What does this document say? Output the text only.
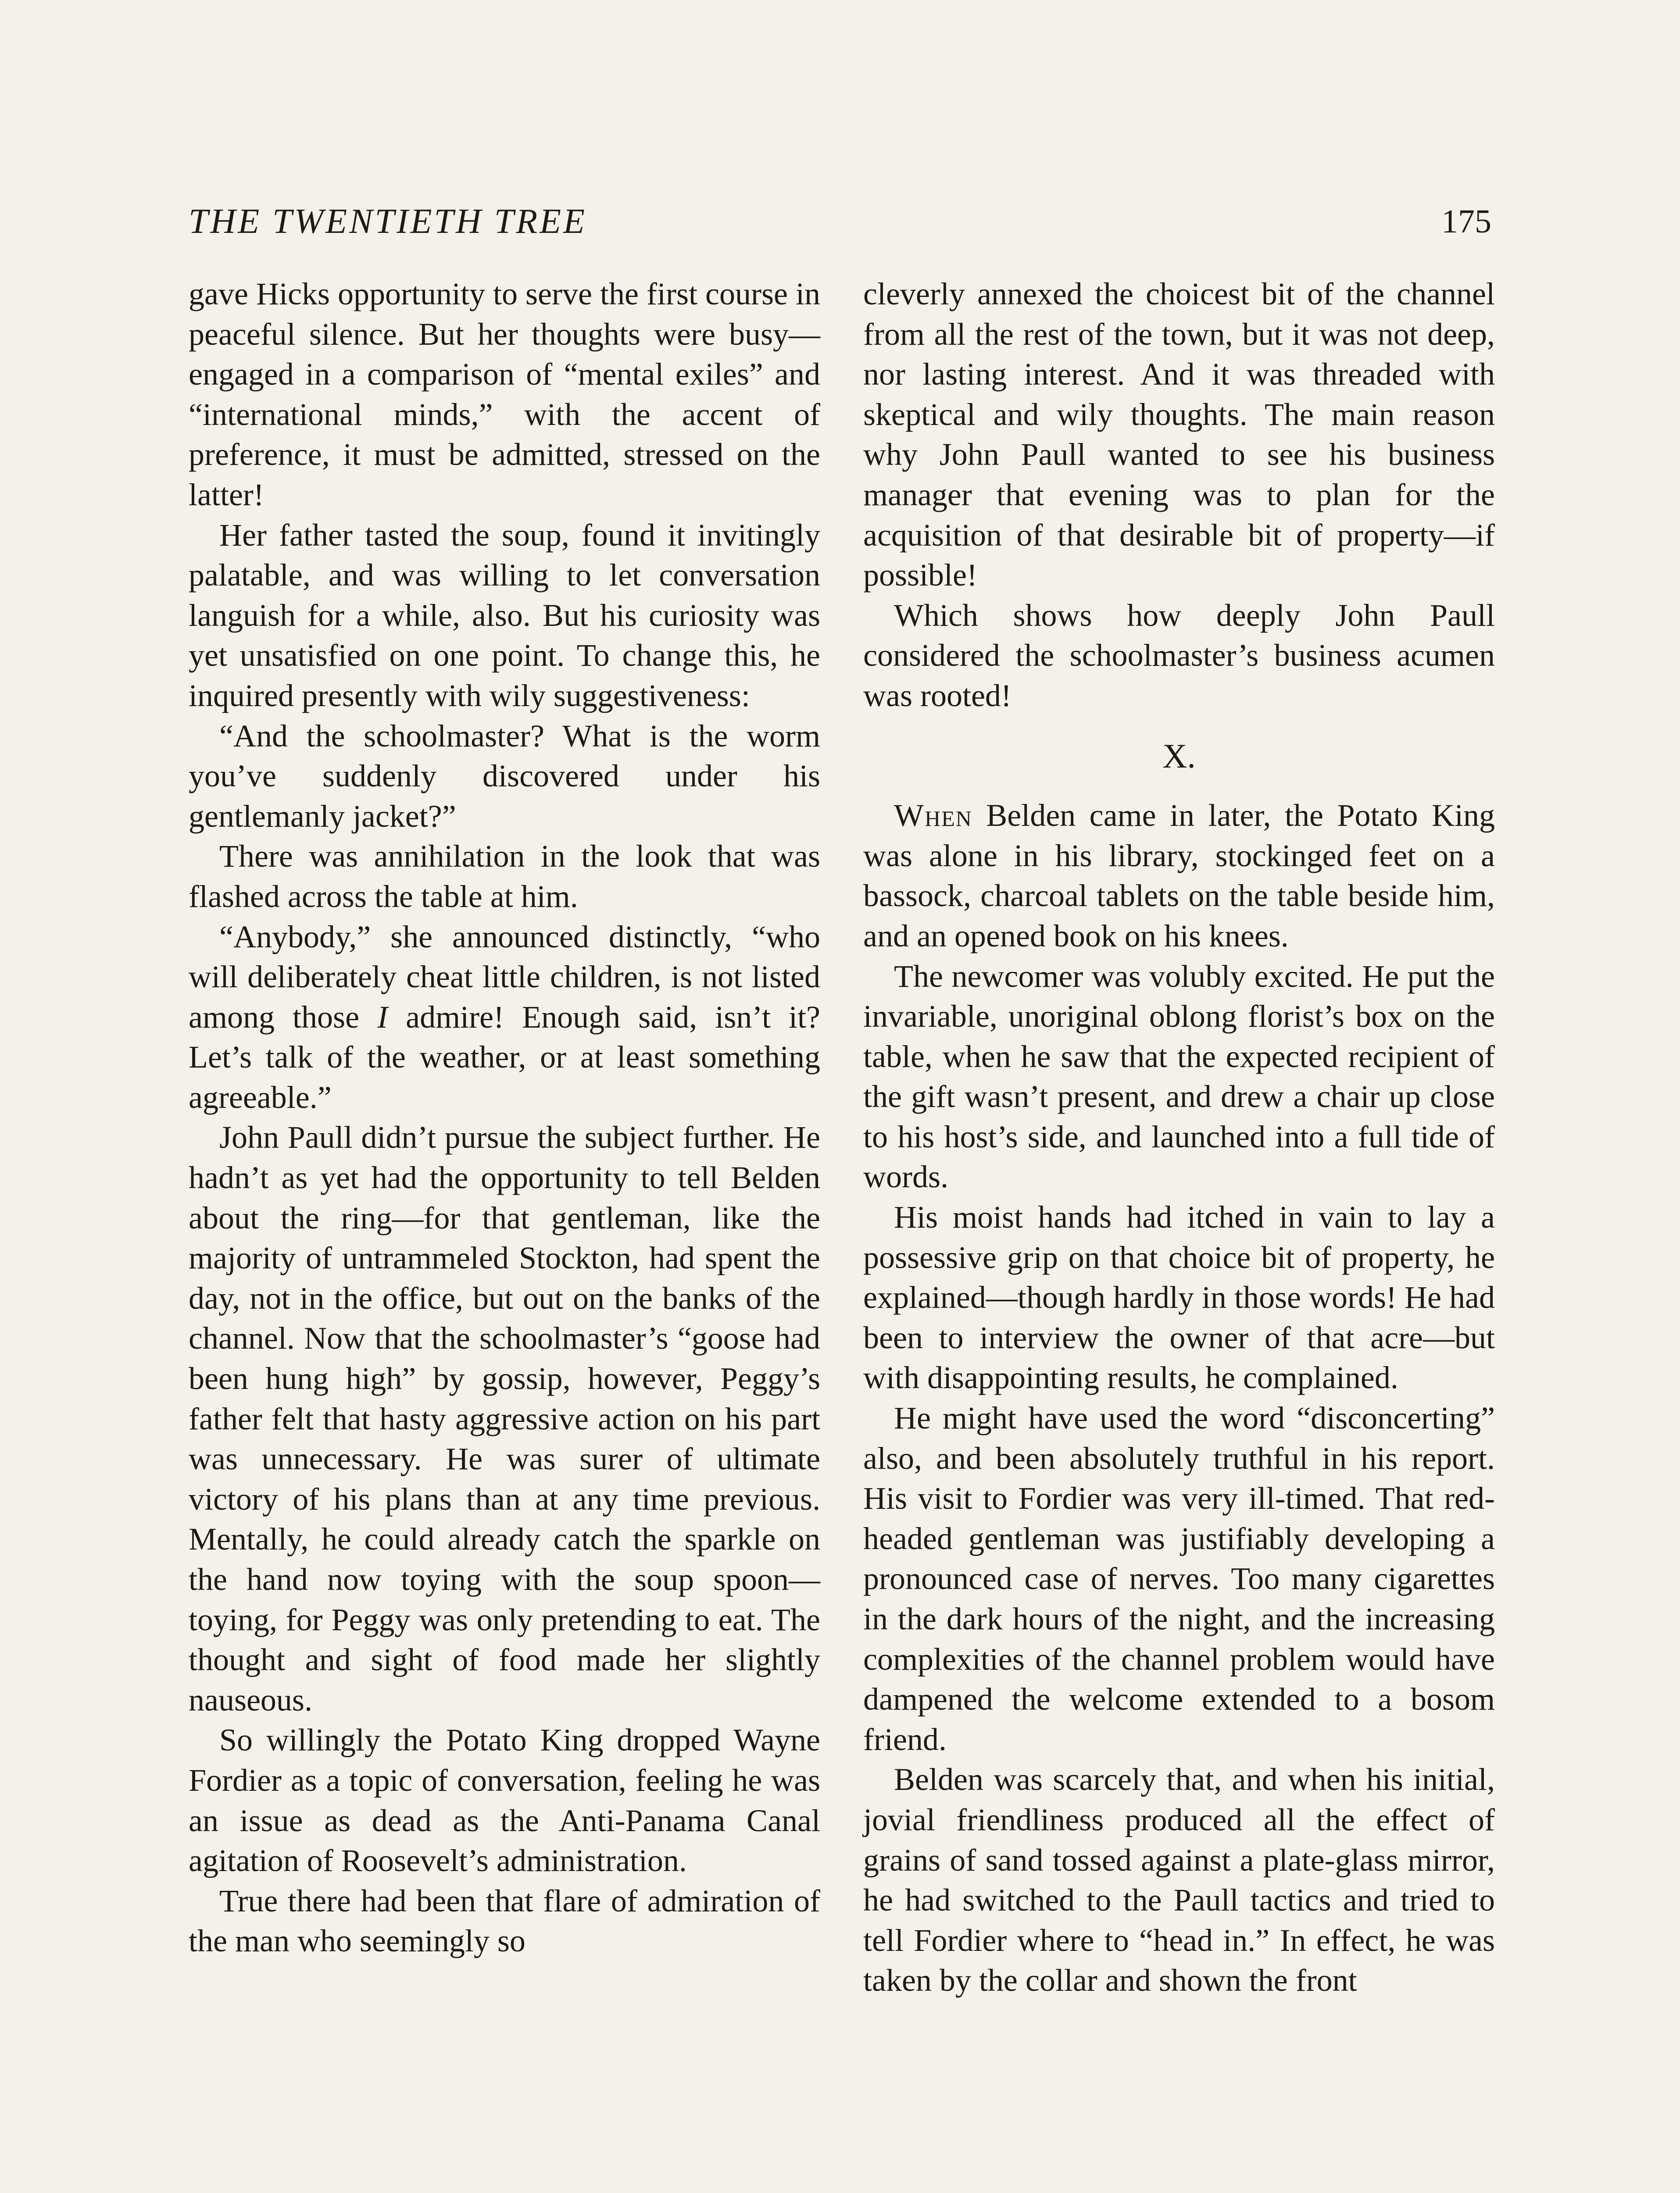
THE TWENTIETH TREE	175

gave Hicks opportunity to serve the first course in peaceful silence. But her thoughts were busy—engaged in a comparison of “mental exiles” and “international minds,” with the accent of preference, it must be admitted, stressed on the latter!

Her father tasted the soup, found it invitingly palatable, and was willing to let conversation languish for a while, also. But his curiosity was yet unsatisfied on one point. To change this, he inquired presently with wily suggestiveness:

“And the schoolmaster? What is the worm you’ve suddenly discovered under his gentlemanly jacket?”

There was annihilation in the look that was flashed across the table at him.

“Anybody,” she announced distinctly, “who will deliberately cheat little children, is not listed among those I admire! Enough said, isn’t it? Let’s talk of the weather, or at least something agreeable.”

John Paull didn’t pursue the subject further. He hadn’t as yet had the opportunity to tell Belden about the ring—for that gentleman, like the majority of untrammeled Stockton, had spent the day, not in the office, but out on the banks of the channel. Now that the schoolmaster’s “goose had been hung high” by gossip, however, Peggy’s father felt that hasty aggressive action on his part was unnecessary. He was surer of ultimate victory of his plans than at any time previous. Mentally, he could already catch the sparkle on the hand now toying with the soup spoon—toying, for Peggy was only pretending to eat. The thought and sight of food made her slightly nauseous.

So willingly the Potato King dropped Wayne Fordier as a topic of conversation, feeling he was an issue as dead as the Anti-Panama Canal agitation of Roosevelt’s administration.

True there had been that flare of admiration of the man who seemingly so

cleverly annexed the choicest bit of the channel from all the rest of the town, but it was not deep, nor lasting interest. And it was threaded with skeptical and wily thoughts. The main reason why John Paull wanted to see his business manager that evening was to plan for the acquisition of that desirable bit of property—if possible!

Which shows how deeply John Paull considered the schoolmaster’s business acumen was rooted!

X.

When Belden came in later, the Potato King was alone in his library, stockinged feet on a bassock, charcoal tablets on the table beside him, and an opened book on his knees.

The newcomer was volubly excited. He put the invariable, unoriginal oblong florist’s box on the table, when he saw that the expected recipient of the gift wasn’t present, and drew a chair up close to his host’s side, and launched into a full tide of words.

His moist hands had itched in vain to lay a possessive grip on that choice bit of property, he explained—though hardly in those words! He had been to interview the owner of that acre—but with disappointing results, he complained.

He might have used the word “disconcerting” also, and been absolutely truthful in his report. His visit to Fordier was very ill-timed. That red-headed gentleman was justifiably developing a pronounced case of nerves. Too many cigarettes in the dark hours of the night, and the increasing complexities of the channel problem would have dampened the welcome extended to a bosom friend.

Belden was scarcely that, and when his initial, jovial friendliness produced all the effect of grains of sand tossed against a plate-glass mirror, he had switched to the Paull tactics and tried to tell Fordier where to “head in.” In effect, he was taken by the collar and shown the front
